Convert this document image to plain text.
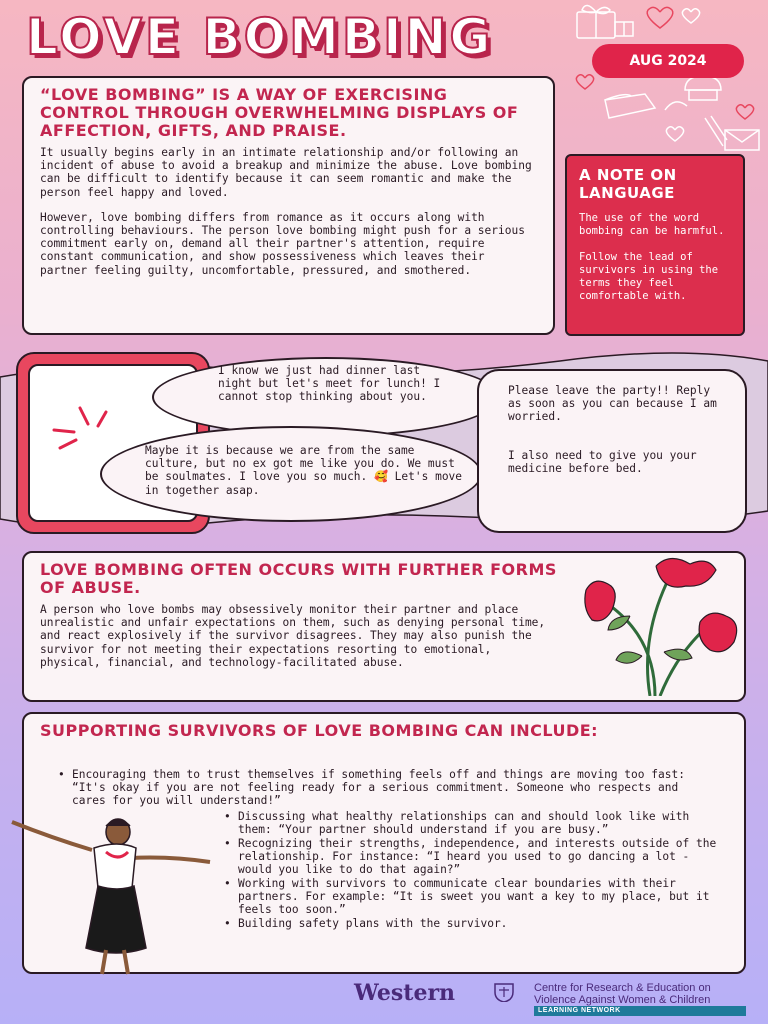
LOVE BOMBING	AUG 2024
“LOVE BOMBING” IS A WAY OF EXERCISING CONTROL THROUGH OVERWHELMING DISPLAYS OF AFFECTION, GIFTS, AND PRAISE.

It usually begins early in an intimate relationship and/or following an incident of abuse to avoid a breakup and minimize the abuse. Love bombing can be difficult to identify because it can seem romantic and make the person feel happy and loved.

However, love bombing differs from romance as it occurs along with controlling behaviours. The person love bombing might push for a serious commitment early on, demand all their partner's attention, require constant communication, and show possessiveness which leaves their partner feeling guilty, uncomfortable, pressured, and smothered.

A NOTE ON LANGUAGE

The use of the word bombing can be harmful.

Follow the lead of survivors in using the terms they feel comfortable with.

I know we just had dinner last night but let's meet for lunch! I cannot stop thinking about you.
Maybe it is because we are from the same culture, but no ex got me like you do. We must be soulmates. I love you so much. 🥰 Let's move in together asap.
Please leave the party!! Reply as soon as you can because I am worried.
I also need to give you your medicine before bed.
LOVE BOMBING OFTEN OCCURS WITH FURTHER FORMS OF ABUSE.

A person who love bombs may obsessively monitor their partner and place unrealistic and unfair expectations on them, such as denying personal time, and react explosively if the survivor disagrees. They may also punish the survivor for not meeting their expectations resorting to emotional, physical, financial, and technology-facilitated abuse.

SUPPORTING SURVIVORS OF LOVE BOMBING CAN INCLUDE:
• Encouraging them to trust themselves if something feels off and things are moving too fast: “It's okay if you are not feeling ready for a serious commitment. Someone who respects and cares for you will understand!”
• Discussing what healthy relationships can and should look like with them: “Your partner should understand if you are busy.”
• Recognizing their strengths, independence, and interests outside of the relationship. For instance: “I heard you used to go dancing a lot - would you like to do that again?”
• Working with survivors to communicate clear boundaries with their partners. For example: “It is sweet you want a key to my place, but it feels too soon.”
• Building safety plans with the survivor.
Western	Centre for Research & Education on
Violence Against Women & Children
LEARNING NETWORK
